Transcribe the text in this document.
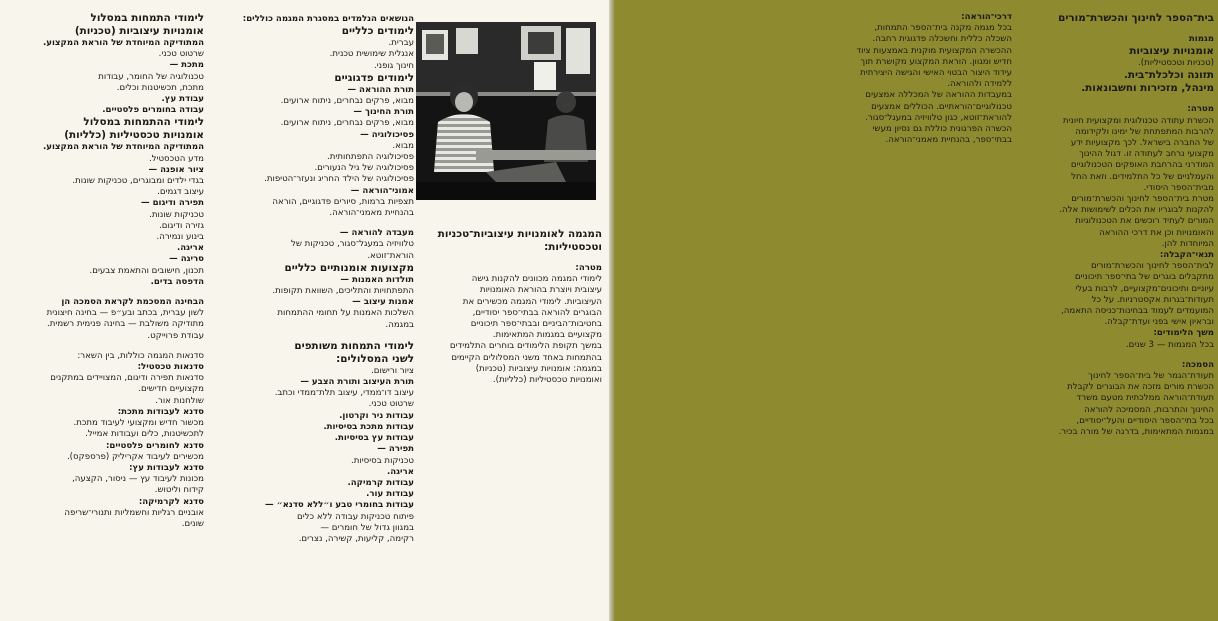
לימודי התמחות במסלול

אומנויות עיצוביות (טכניות)

המתודיקה המיוחדת של הוראת המקצוע.

שרטוט טכני.

מתכת —

טכנולוגיה של החומר, עבודות

מתכת, תכשיטנות וכלים.

עבודת עץ.

עבודה בחומרים פלסטיים.

לימודי ההתמחות במסלול

אומנויות טכסטיליות (כלליות)

המתודיקה המיוחדת של הוראת המקצוע.

מדע הטכסטיל.

ציור אופנה —

בגדי ילדים ומבוגרים, טכניקות שונות.

עיצוב דגמים.

תפירה ודיגום —

טכניקות שונות.

גזירה ודיגום.

בינוע ונמירה.

אריגה.

סריגה —

תכנון, חישובים והתאמת צבעים.

הדפסה בדים.

הבחינה המסכמת לקראת הסמכה הן

לשון עברית, בכתב ובע״פ — בחינה חיצונית

מתודיקה משולבת — בחינה פנימית רשמית.

עבודת פרוייקט.

סדנאות המגמה כוללות, בין השאר:

סדנאות טכסטיל:

סדנאות תפירה ודיגום, המצויידים במתקנים

מקצועיים חדישים.

שולחנות אור.

סדנא לעבודות מתכת:

מכשור חדיש ומקצועי לעיבוד מתכת.

לתכשיטנות, כלים ועבודות אמייל.

סדנא לחומרים פלסטיים:

מכשירים לעיבוד אקריליק (פרספקס).

סדנא לעבודות עץ:

מכונות לעיבוד עץ — ניסור, הקצעה,

קידוח וליטוש.

סדנא לקרמיקה:

אובניים רגליות וחשמליות ותנורי־שריפה

שונים.

הנושאים הנלמדים במסגרת המגמה כוללים:

לימודים כלליים

עברית.

אנגלית שימושית טכנית.

חינוך גופני.

לימודים פדגוגיים

תורת ההוראה —

מבוא, פרקים נבחרים, ניתוח ארועים.

תורת החינוך —

מבוא, פרקים נבחרים, ניתוח ארועים.

פסיכולוגיה —

מבוא.

פסיכולוגיה התפתחותית.

פסיכולוגיה של גיל הנעורים.

פסיכולוגיה של הילד החריג ונעזר־הטיפות.

אמוני־הוראה —

תצפיות ברמות, סיורים פדגוגיים, הוראה

בהנחיית מאמני־הוראה.

מעבדה להוראה —

טלוויזיה במעגל־סגור, טכניקות של

הוראת־זוטא.

מקצועות אומנותיים כלליים

תולדות האמנות —

התפתחויות והתליכים, השוואת תקופות.

אמנות עיצוב —

השלכות האמנות על תחומי ההתמחות

במגמה.

לימודי התמחות משותפים

לשני המסלולים:

ציור ורישום.

תורת העיצוב ותורת הצבע —

עיצוב דו־ממדי, עיצוב תלת־ממדי וכתב.

שרטוט טכני.

עבודות ניר וקרטון.

עבודות מתכת בסיסיות.

עבודות עץ בסיסיות.

תפירה —

טכניקות בסיסיות.

אריגה.

עבודות קרמיקה.

עבודות עור.

עבודות בחומרי טבע ו״ללא סדנא״ —

פיתוח טכניקות עבודה ללא כלים

במגוון גדול של חומרים —

רקימה, קליעות, קשירה, נצרים.

המגמה לאומנויות עיצוביות־טכניות

וטכסטיליות:

מטרה:

לימודי המגמה מכוונים להקנות גישה

עיצובית ויוצרת בהוראת האומנויות

העיצוביות. לימודי המגמה מכשירים את

הבוגרים להוראה בבתי־ספר יסודיים,

בחטיבות־הביניים ובבתי־ספר תיכוניים

מקצועיים במגמות המתאימות.

במשך תקופת הלימודים בוחרים התלמידים

בהתמחות באחד משני המסלולים הקיימים

במגמה: אומנויות עיצוביות (טכניות)

ואומנויות טכסטיליות (כלליות).

דרכי־הוראה:

בכל מגמה מקנה בית־הספר התמחות,

השכלה כללית וחשכלה פדגוגית רחבה.

ההכשרה המקצועית מוקנית באמצעות ציוד

חדיש ומגוון. הוראת המקצוע מקושרת תוך

עידוד היצור הבטוי האישי והגישה היצירתית

ללמידה ולהוראה.

במעבדות ההוראה של המכללה אמצעים

טכנולוגיים־הוראתיים. הכוללים אמצעים

להוראת־זוטא, כגון טלוויזיה במעגל־סגור.

הכשרה הפרגונית כוללת גם נסיון מעשי

בבתי־ספר, בהנחיית מאמני־הוראה.

בית־הספר לחינוך והכשרת־מורים

מגמות

אומנויות עיצוביות

(טכניות וטכסטיליות).

תזונה וכלכלת־בית.

מינהל, מזכירות וחשבונאות.

מטרה:

הכשרת עתודה טכנולוגית ומקצועית חיונית

להרבות המתפתחת של ימינו ולקידומה

של החברה בישראל. לכך מקצועיות ידע

מקצועי נרחב לעתודה זו. דגול ההינוך

המודרני בהרחבת האופקים הטכנולוגיים

והעמלניים של כל התלמידים. וזאת החל

מבית־הספר היסודי.

מטרת בית־הספר לחינוך והכשרת־מורים

להקנות לבוגריו את הכלים לשימושות אלה.

המורים לעתיד רוכשים את הטכנולוגיות

והאומנויות וכן את דרכי ההוראה

המיוחדות להן.

תנאי־הקבלה:

לבית־הספר לחינוך והכשרת־מורים

מתקבלים בוגרים של בתי־ספר תיכוניים

עיוניים ותיכונים־מקצועיים, לרבות בעלי

תעודות־בגרות אקסטרניות. על כל

המועמדים לעמוד בבחינות־כניסה התאמה,

ובראיון אישי בפני ועדת־קבלה.

משך הלימודים:

בכל המגמות — 3 שנים.

הסמכה:

תעודת־הגמר של בית־הספר לחינוך

הכשרת מורים מזכה את הבוגרים לקבלת

תעודת־הוראה ממלכתית מטעם משרד

החינוך והתרבות, המסמיכה להוראה

בכל בתי־הספר היסודיים והעל־יסודיים,

במגמות המתאימות, בדרגה של מורה בכיר.
